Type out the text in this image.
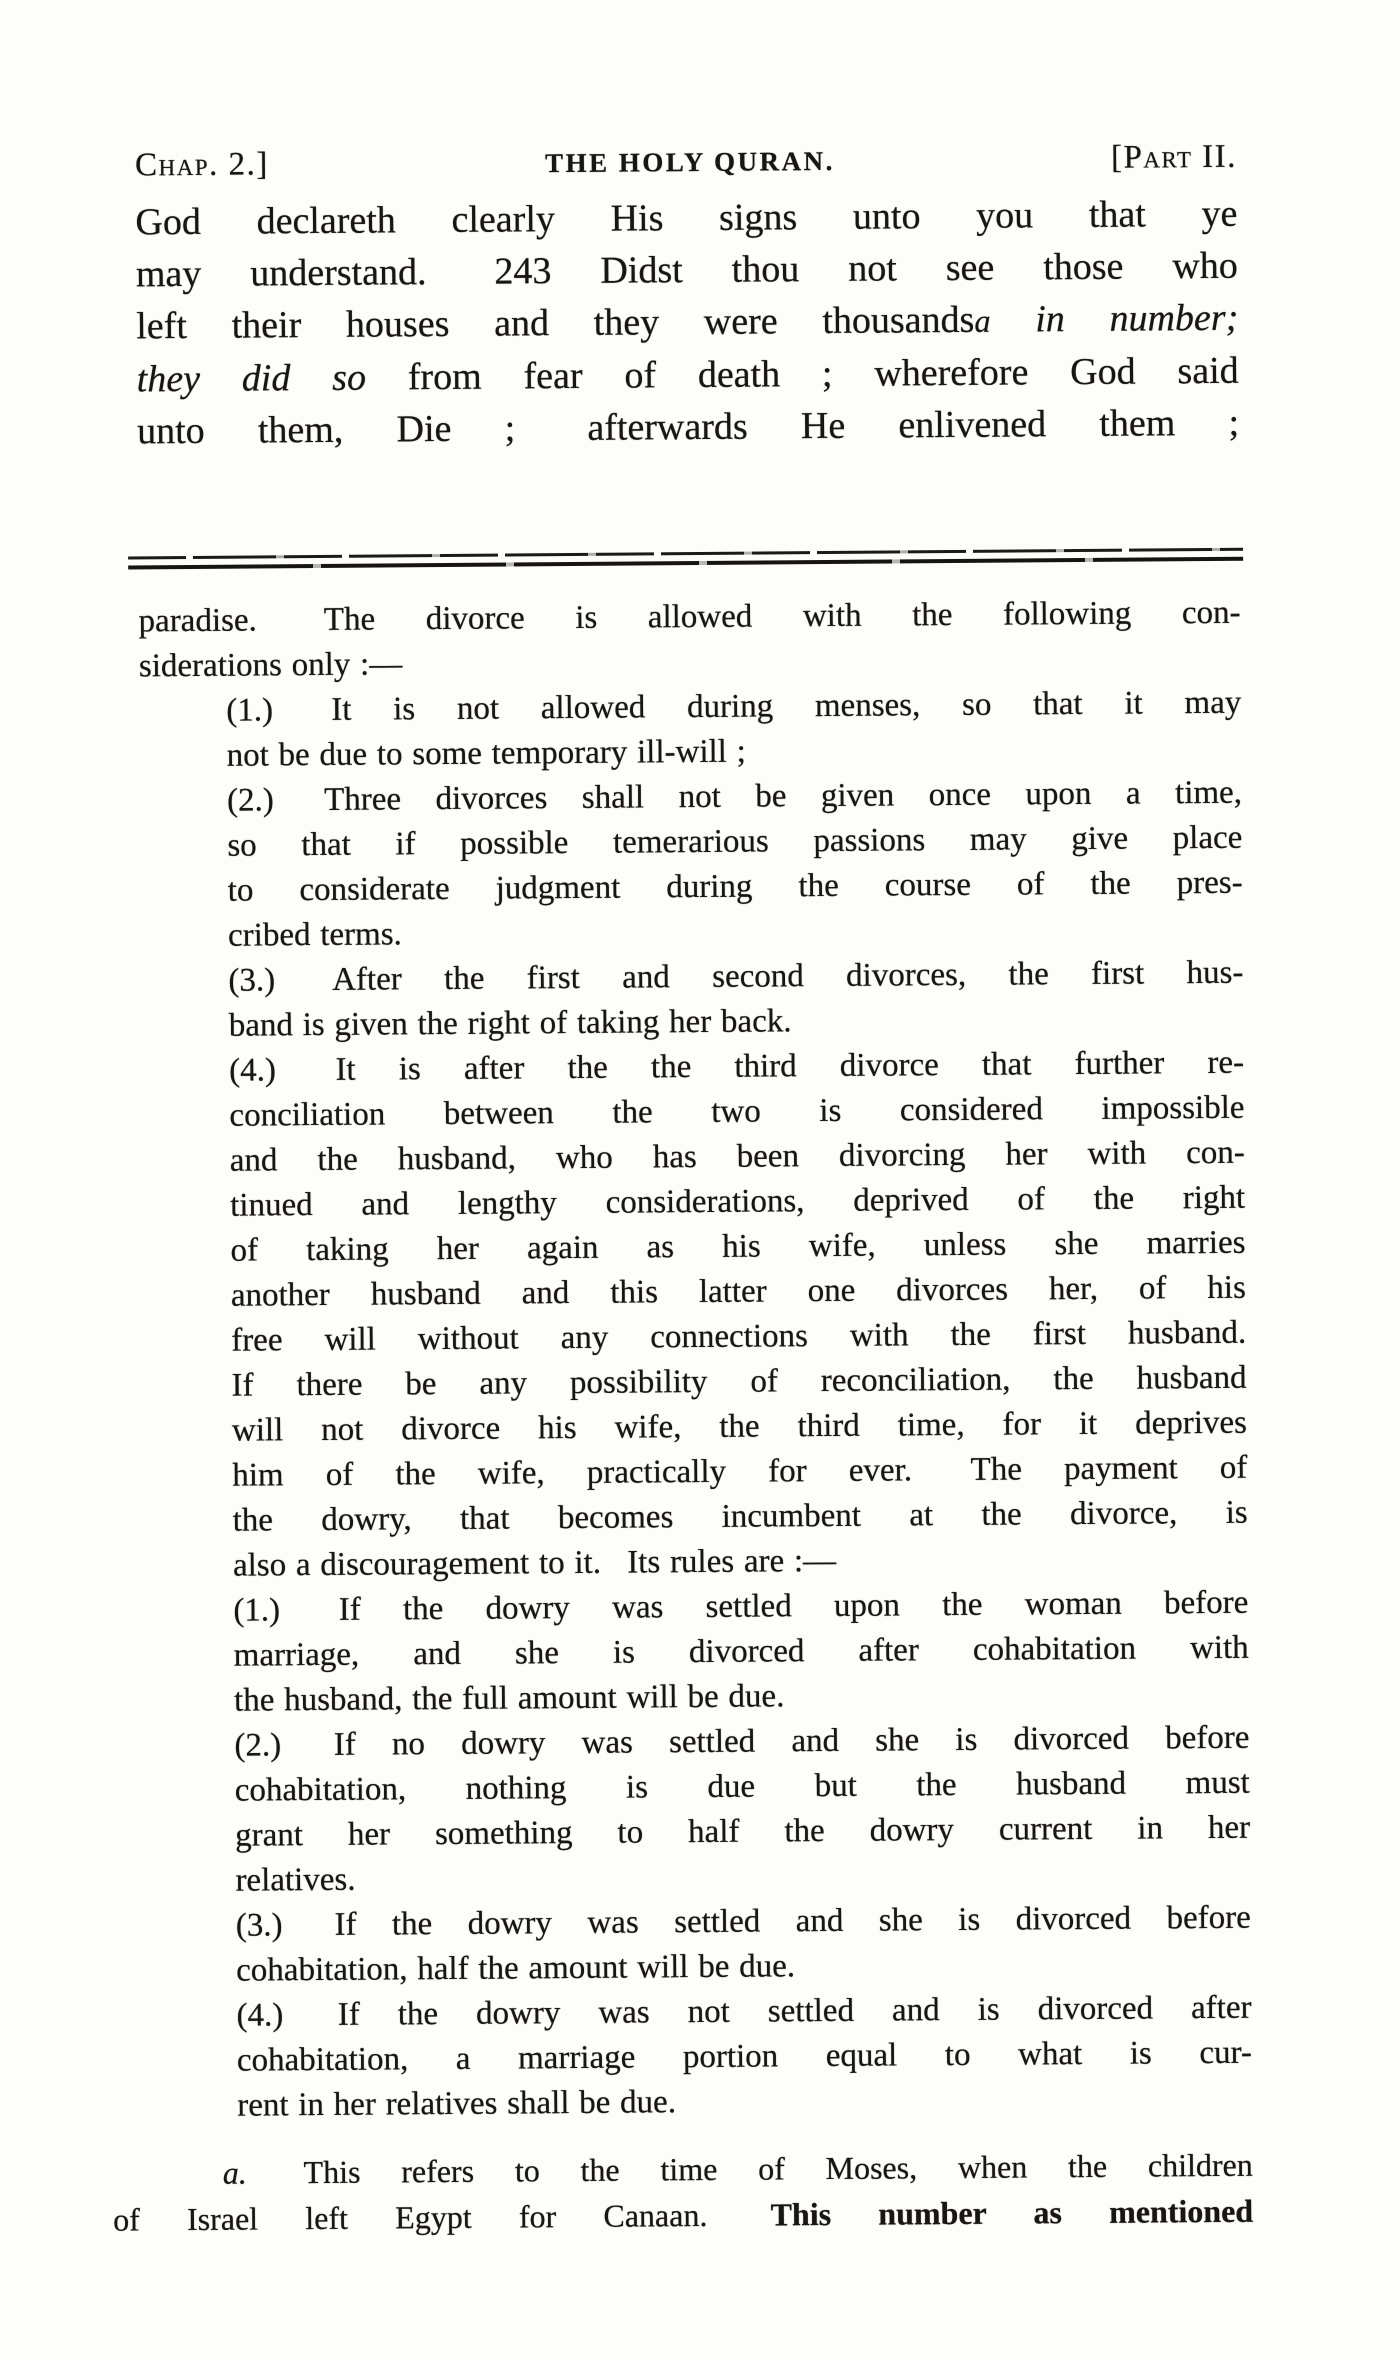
Chap. 2.]	THE HOLY QURAN.	[Part II.
God declareth clearly His signs unto you that ye
may understand.  243 Didst thou not see those who
left their houses and they were thousandsa in number;
they did so from fear of death ; wherefore God said
unto them, Die ;  afterwards He enlivened them ;
paradise.  The divorce is allowed with the following con-
siderations only :—
(1.)  It is not allowed during menses, so that it may
not be due to some temporary ill-will ;
(2.)  Three divorces shall not be given once upon a time,
so that if possible temerarious passions may give place
to considerate judgment during the course of the pres-
cribed terms.
(3.)  After the first and second divorces, the first hus-
band is given the right of taking her back.
(4.)  It is after the the third divorce that further re-
conciliation between the two is considered impossible
and the husband, who has been divorcing her with con-
tinued and lengthy considerations, deprived of the right
of taking her again as his wife, unless she marries
another husband and this latter one divorces her, of his
free will without any connections with the first husband.
If there be any possibility of reconciliation, the husband
will not divorce his wife, the third time, for it deprives
him of the wife, practically for ever.  The payment of
the dowry, that becomes incumbent at the divorce, is
also a discouragement to it.  Its rules are :—
(1.)  If the dowry was settled upon the woman before
marriage, and she is divorced after cohabitation with
the husband, the full amount will be due.
(2.)  If no dowry was settled and she is divorced before
cohabitation, nothing is due but the husband must
grant her something to half the dowry current in her
relatives.
(3.)  If the dowry was settled and she is divorced before
cohabitation, half the amount will be due.
(4.)  If the dowry was not settled and is divorced after
cohabitation, a marriage portion equal to what is cur-
rent in her relatives shall be due.
a.  This refers to the time of Moses, when the children
of Israel left Egypt for Canaan.  This number as mentioned
